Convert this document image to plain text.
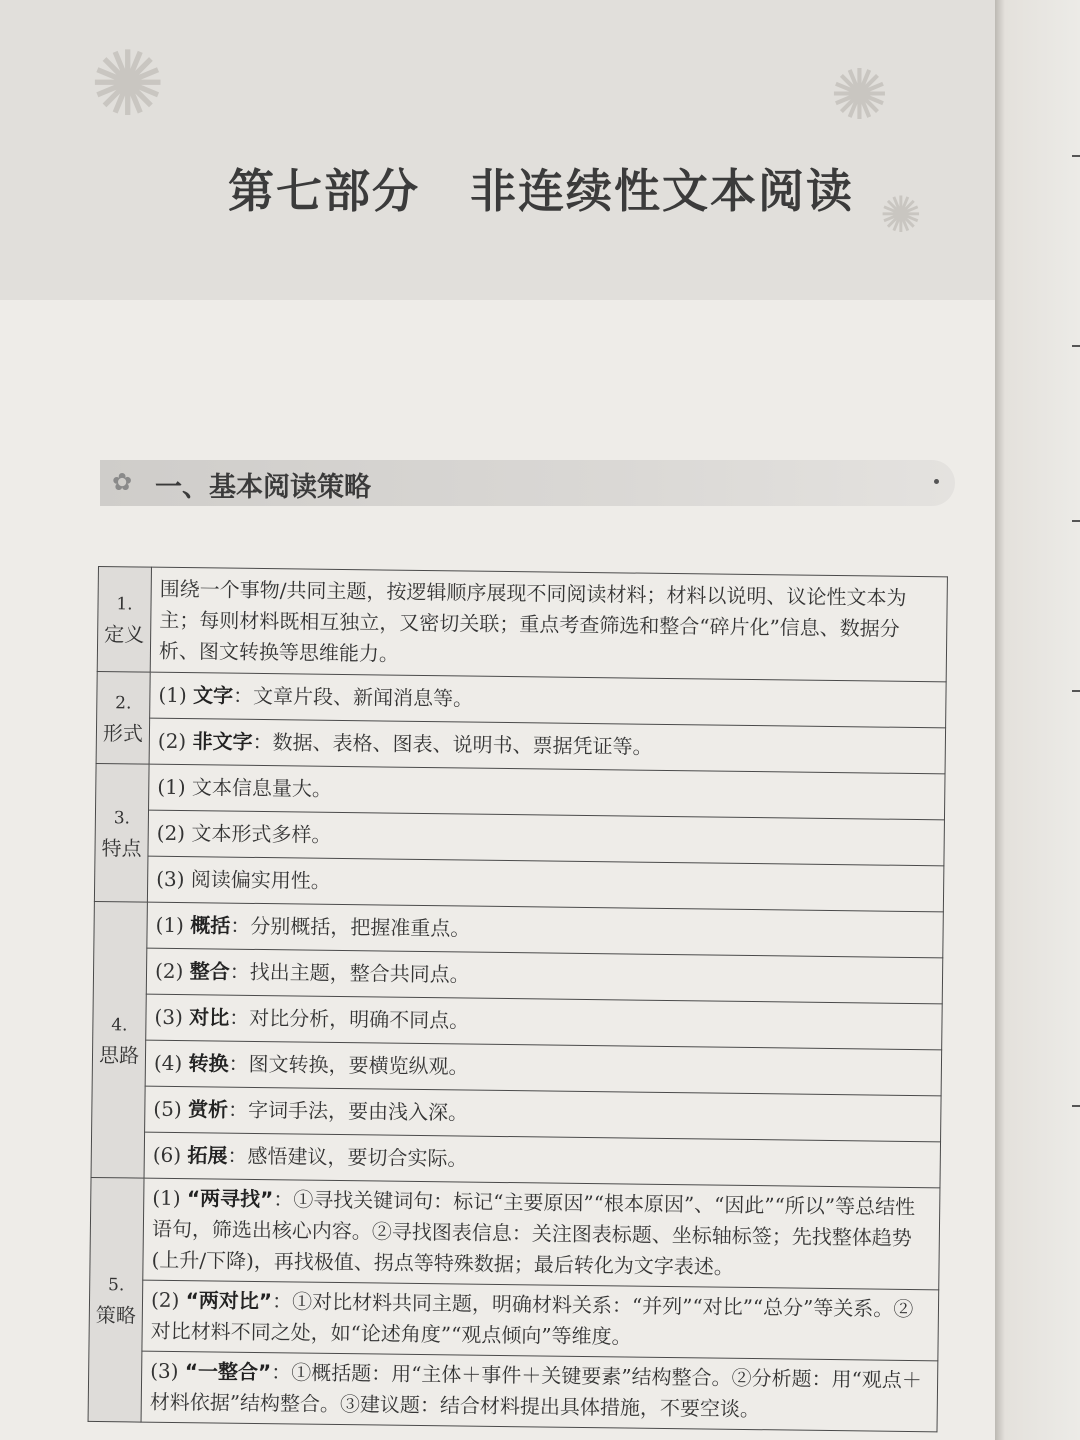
✺	✺
✺
第七部分 非连续性文本阅读
✿ 一、基本阅读策略
1.
定义	围绕一个事物/共同主题，按逻辑顺序展现不同阅读材料；材料以说明、议论性文本为主；每则材料既相互独立，又密切关联；重点考查筛选和整合“碎片化”信息、数据分析、图文转换等思维能力。

2.
形式	(1) 文字：文章片段、新闻消息等。
	(2) 非文字：数据、表格、图表、说明书、票据凭证等。

3.
特点	(1) 文本信息量大。
	(2) 文本形式多样。
	(3) 阅读偏实用性。

4.
思路	(1) 概括：分别概括，把握准重点。
	(2) 整合：找出主题，整合共同点。
	(3) 对比：对比分析，明确不同点。
	(4) 转换：图文转换，要横览纵观。
	(5) 赏析：字词手法，要由浅入深。
	(6) 拓展：感悟建议，要切合实际。

5.
策略	(1) “两寻找”：①寻找关键词句：标记“主要原因”“根本原因”、“因此”“所以”等总结性语句，筛选出核心内容。②寻找图表信息：关注图表标题、坐标轴标签；先找整体趋势(上升/下降)，再找极值、拐点等特殊数据；最后转化为文字表述。
	(2) “两对比”：①对比材料共同主题，明确材料关系：“并列”“对比”“总分”等关系。②对比材料不同之处，如“论述角度”“观点倾向”等维度。
	(3) “一整合”：①概括题：用“主体＋事件＋关键要素”结构整合。②分析题：用“观点＋材料依据”结构整合。③建议题：结合材料提出具体措施，不要空谈。
